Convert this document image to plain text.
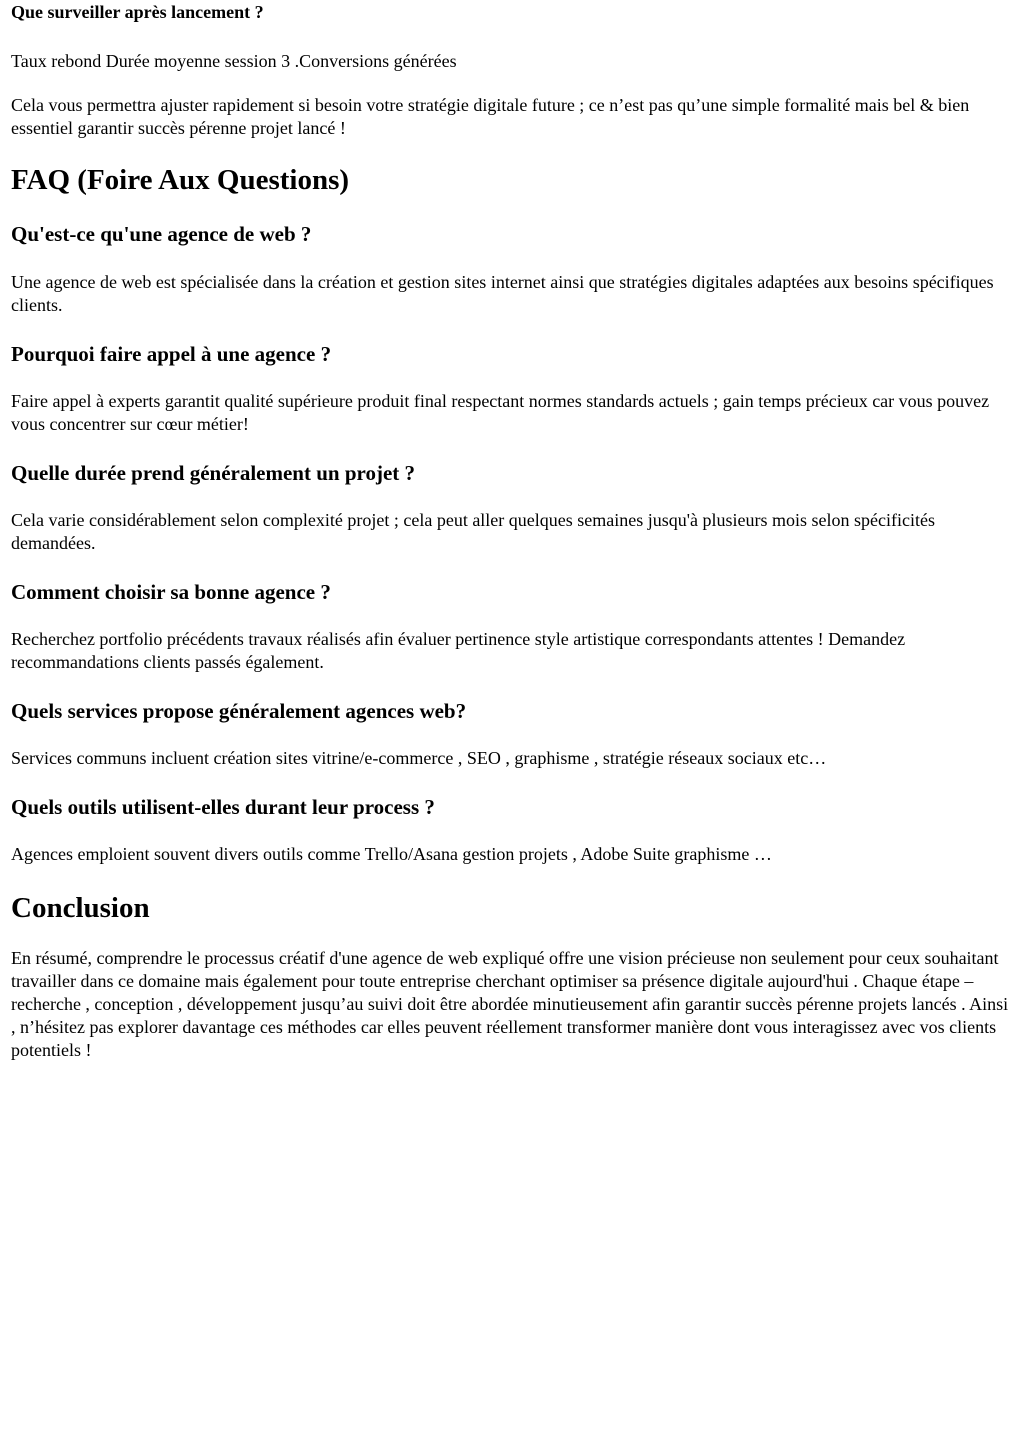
Que surveiller après lancement ?

Taux rebond Durée moyenne session 3 .Conversions générées

Cela vous permettra ajuster rapidement si besoin votre stratégie digitale future ; ce n’est pas qu’une simple formalité mais bel & bien essentiel garantir succès pérenne projet lancé !

FAQ (Foire Aux Questions)
Qu'est-ce qu'une agence de web ?

Une agence de web est spécialisée dans la création et gestion sites internet ainsi que stratégies digitales adaptées aux besoins spécifiques clients.

Pourquoi faire appel à une agence ?

Faire appel à experts garantit qualité supérieure produit final respectant normes standards actuels ; gain temps précieux car vous pouvez vous concentrer sur cœur métier!

Quelle durée prend généralement un projet ?

Cela varie considérablement selon complexité projet ; cela peut aller quelques semaines jusqu'à plusieurs mois selon spécificités demandées.

Comment choisir sa bonne agence ?

Recherchez portfolio précédents travaux réalisés afin évaluer pertinence style artistique correspondants attentes ! Demandez recommandations clients passés également.

Quels services propose généralement agences web?

Services communs incluent création sites vitrine/e-commerce , SEO , graphisme , stratégie réseaux sociaux etc…

Quels outils utilisent-elles durant leur process ?

Agences emploient souvent divers outils comme Trello/Asana gestion projets , Adobe Suite graphisme …

Conclusion

En résumé, comprendre le processus créatif d'une agence de web expliqué offre une vision précieuse non seulement pour ceux souhaitant travailler dans ce domaine mais également pour toute entreprise cherchant optimiser sa présence digitale aujourd'hui . Chaque étape – recherche , conception , développement jusqu’au suivi doit être abordée minutieusement afin garantir succès pérenne projets lancés . Ainsi , n’hésitez pas explorer davantage ces méthodes car elles peuvent réellement transformer manière dont vous interagissez avec vos clients potentiels !
